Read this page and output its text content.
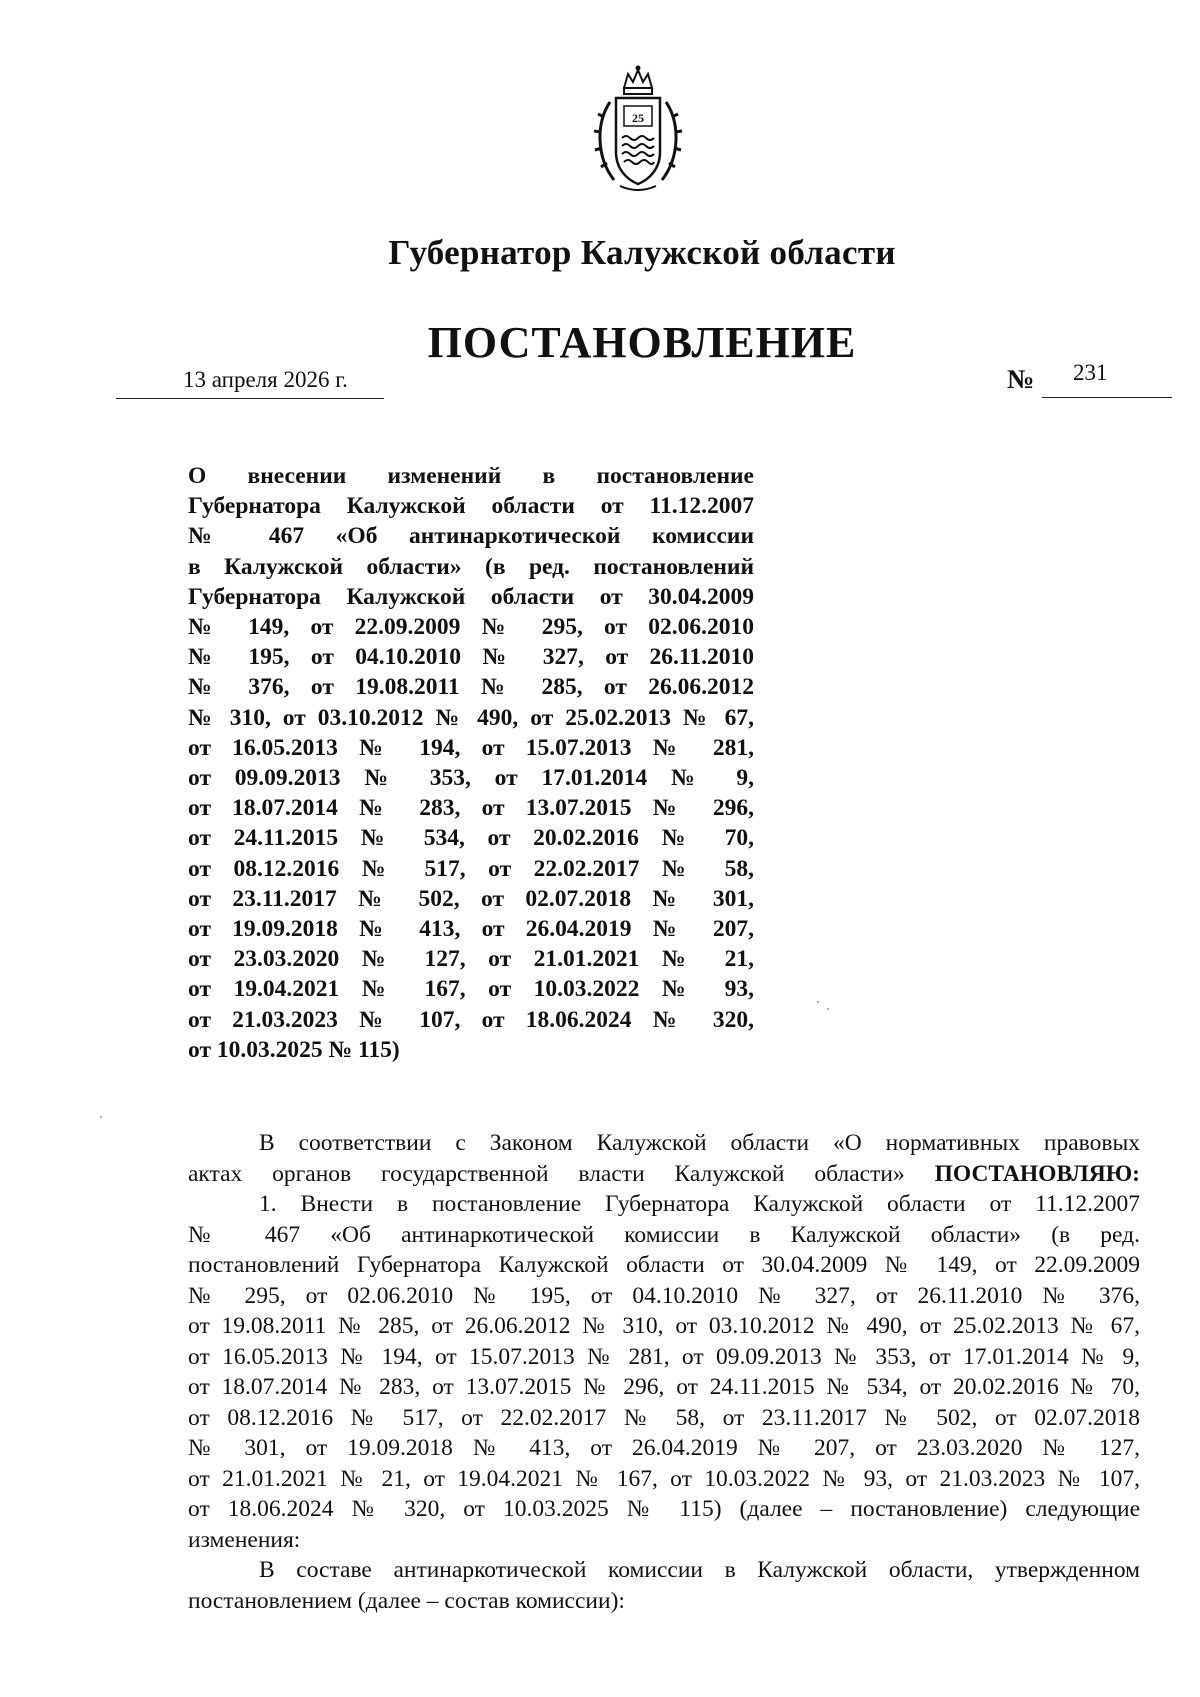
25
Губернатор Калужской области
ПОСТАНОВЛЕНИЕ
13 апреля 2026 г.	№ 231
О внесении изменений в постановление
Губернатора Калужской области от 11.12.2007
№ 467 «Об антинаркотической комиссии
в Калужской области» (в ред. постановлений
Губернатора Калужской области от 30.04.2009
№ 149, от 22.09.2009 № 295, от 02.06.2010
№ 195, от 04.10.2010 № 327, от 26.11.2010
№ 376, от 19.08.2011 № 285, от 26.06.2012
№ 310, от 03.10.2012 № 490, от 25.02.2013 № 67,
от 16.05.2013 № 194, от 15.07.2013 № 281,
от 09.09.2013 № 353, от 17.01.2014 № 9,
от 18.07.2014 № 283, от 13.07.2015 № 296,
от 24.11.2015 № 534, от 20.02.2016 № 70,
от 08.12.2016 № 517, от 22.02.2017 № 58,
от 23.11.2017 № 502, от 02.07.2018 № 301,
от 19.09.2018 № 413, от 26.04.2019 № 207,
от 23.03.2020 № 127, от 21.01.2021 № 21,
от 19.04.2021 № 167, от 10.03.2022 № 93,
от 21.03.2023 № 107, от 18.06.2024 № 320,
от 10.03.2025 № 115)
В соответствии с Законом Калужской области «О нормативных правовых
актах органов государственной власти Калужской области» ПОСТАНОВЛЯЮ:
1. Внести в постановление Губернатора Калужской области от 11.12.2007
№ 467 «Об антинаркотической комиссии в Калужской области» (в ред.
постановлений Губернатора Калужской области от 30.04.2009 № 149, от 22.09.2009
№ 295, от 02.06.2010 № 195, от 04.10.2010 № 327, от 26.11.2010 № 376,
от 19.08.2011 № 285, от 26.06.2012 № 310, от 03.10.2012 № 490, от 25.02.2013 № 67,
от 16.05.2013 № 194, от 15.07.2013 № 281, от 09.09.2013 № 353, от 17.01.2014 № 9,
от 18.07.2014 № 283, от 13.07.2015 № 296, от 24.11.2015 № 534, от 20.02.2016 № 70,
от 08.12.2016 № 517, от 22.02.2017 № 58, от 23.11.2017 № 502, от 02.07.2018
№ 301, от 19.09.2018 № 413, от 26.04.2019 № 207, от 23.03.2020 № 127,
от 21.01.2021 № 21, от 19.04.2021 № 167, от 10.03.2022 № 93, от 21.03.2023 № 107,
от 18.06.2024 № 320, от 10.03.2025 № 115) (далее – постановление) следующие
изменения:
В составе антинаркотической комиссии в Калужской области, утвержденном
постановлением (далее – состав комиссии):
